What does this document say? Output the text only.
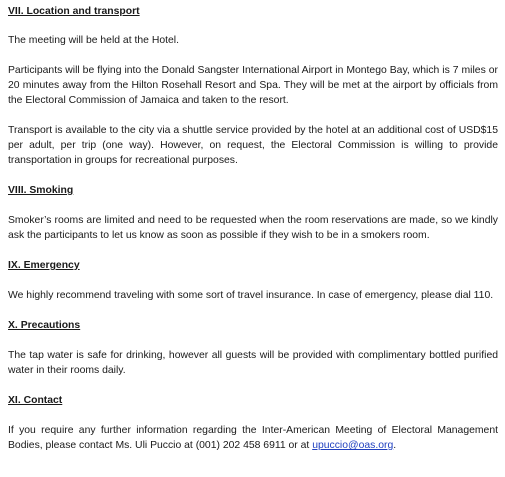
VII. Location and transport

The meeting will be held at the Hotel.

Participants will be flying into the Donald Sangster International Airport in Montego Bay, which is 7 miles or 20 minutes away from the Hilton Rosehall Resort and Spa. They will be met at the airport by officials from the Electoral Commission of Jamaica and taken to the resort.

Transport is available to the city via a shuttle service provided by the hotel at an additional cost of USD$15 per adult, per trip (one way). However, on request, the Electoral Commission is willing to provide transportation in groups for recreational purposes.

VIII. Smoking

Smoker’s rooms are limited and need to be requested when the room reservations are made, so we kindly ask the participants to let us know as soon as possible if they wish to be in a smokers room.

IX. Emergency

We highly recommend traveling with some sort of travel insurance. In case of emergency, please dial 110.

X. Precautions

The tap water is safe for drinking, however all guests will be provided with complimentary bottled purified water in their rooms daily.

XI. Contact

If you require any further information regarding the Inter-American Meeting of Electoral Management Bodies, please contact Ms. Uli Puccio at (001) 202 458 6911 or at upuccio@oas.org.
